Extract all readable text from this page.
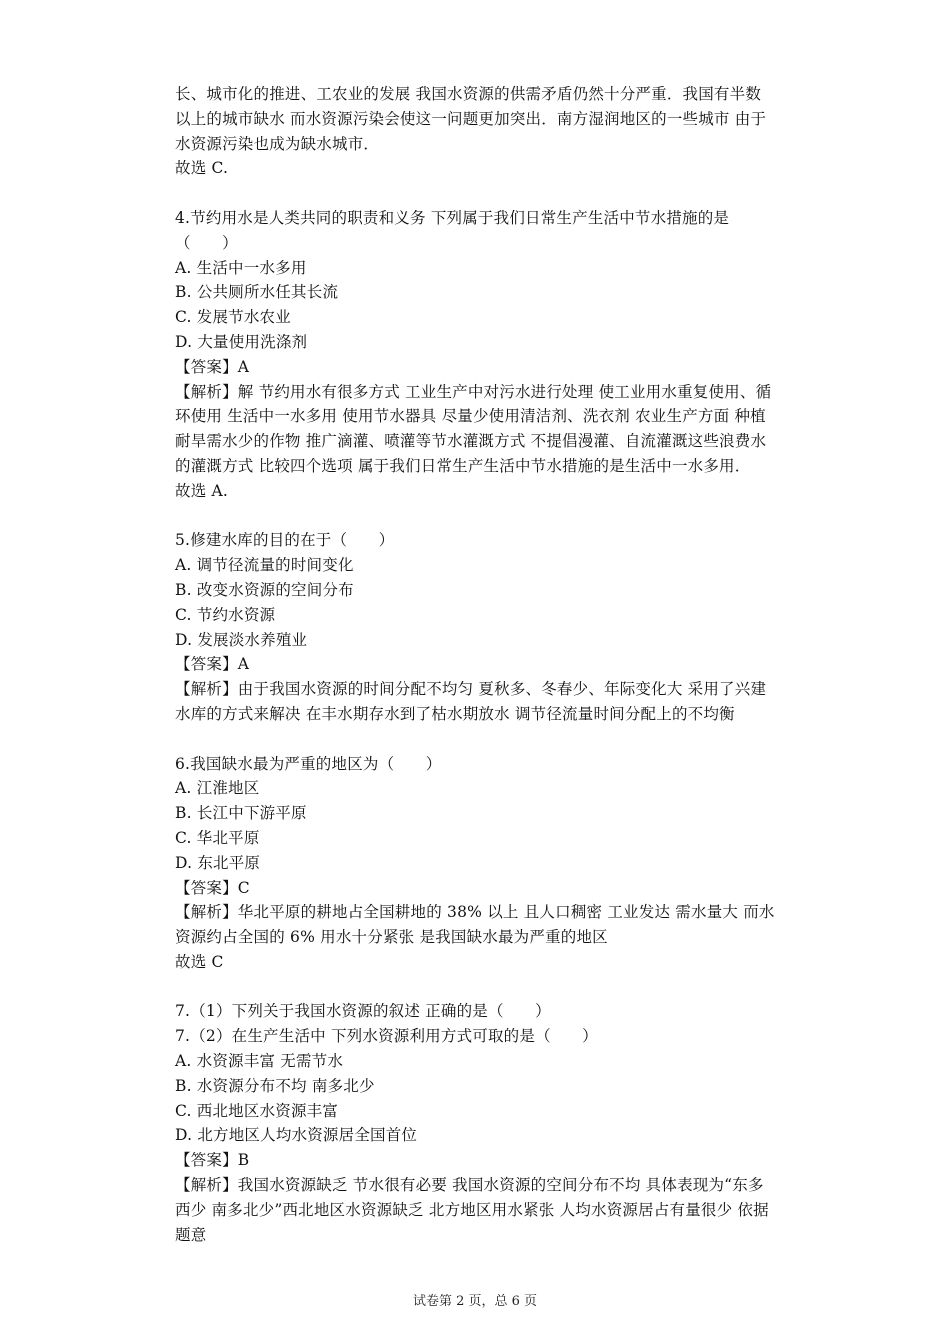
长、城市化的推进、工农业的发展 我国水资源的供需矛盾仍然十分严重．我国有半数
以上的城市缺水 而水资源污染会使这一问题更加突出．南方湿润地区的一些城市 由于
水资源污染也成为缺水城市．
故选 C.
4.节约用水是人类共同的职责和义务 下列属于我们日常生产生活中节水措施的是
（　　）
A. 生活中一水多用
B. 公共厕所水任其长流
C. 发展节水农业
D. 大量使用洗涤剂
【答案】A
【解析】解 节约用水有很多方式 工业生产中对污水进行处理 使工业用水重复使用、循
环使用 生活中一水多用 使用节水器具 尽量少使用清洁剂、洗衣剂 农业生产方面 种植
耐旱需水少的作物 推广滴灌、喷灌等节水灌溉方式 不提倡漫灌、自流灌溉这些浪费水
的灌溉方式 比较四个选项 属于我们日常生产生活中节水措施的是生活中一水多用．
故选 A.
5.修建水库的目的在于（　　）
A. 调节径流量的时间变化
B. 改变水资源的空间分布
C. 节约水资源
D. 发展淡水养殖业
【答案】A
【解析】由于我国水资源的时间分配不均匀 夏秋多、冬春少、年际变化大 采用了兴建
水库的方式来解决 在丰水期存水到了枯水期放水 调节径流量时间分配上的不均衡
6.我国缺水最为严重的地区为（　　）
A. 江淮地区
B. 长江中下游平原
C. 华北平原
D. 东北平原
【答案】C
【解析】华北平原的耕地占全国耕地的 38% 以上 且人口稠密 工业发达 需水量大 而水
资源约占全国的 6% 用水十分紧张 是我国缺水最为严重的地区
故选 C
7.（1）下列关于我国水资源的叙述 正确的是（　　）
7.（2）在生产生活中 下列水资源利用方式可取的是（　　）
A. 水资源丰富 无需节水
B. 水资源分布不均 南多北少
C. 西北地区水资源丰富
D. 北方地区人均水资源居全国首位
【答案】B
【解析】我国水资源缺乏 节水很有必要 我国水资源的空间分布不均 具体表现为“东多
西少 南多北少”西北地区水资源缺乏 北方地区用水紧张 人均水资源居占有量很少 依据
题意
试卷第 2 页，总 6 页
